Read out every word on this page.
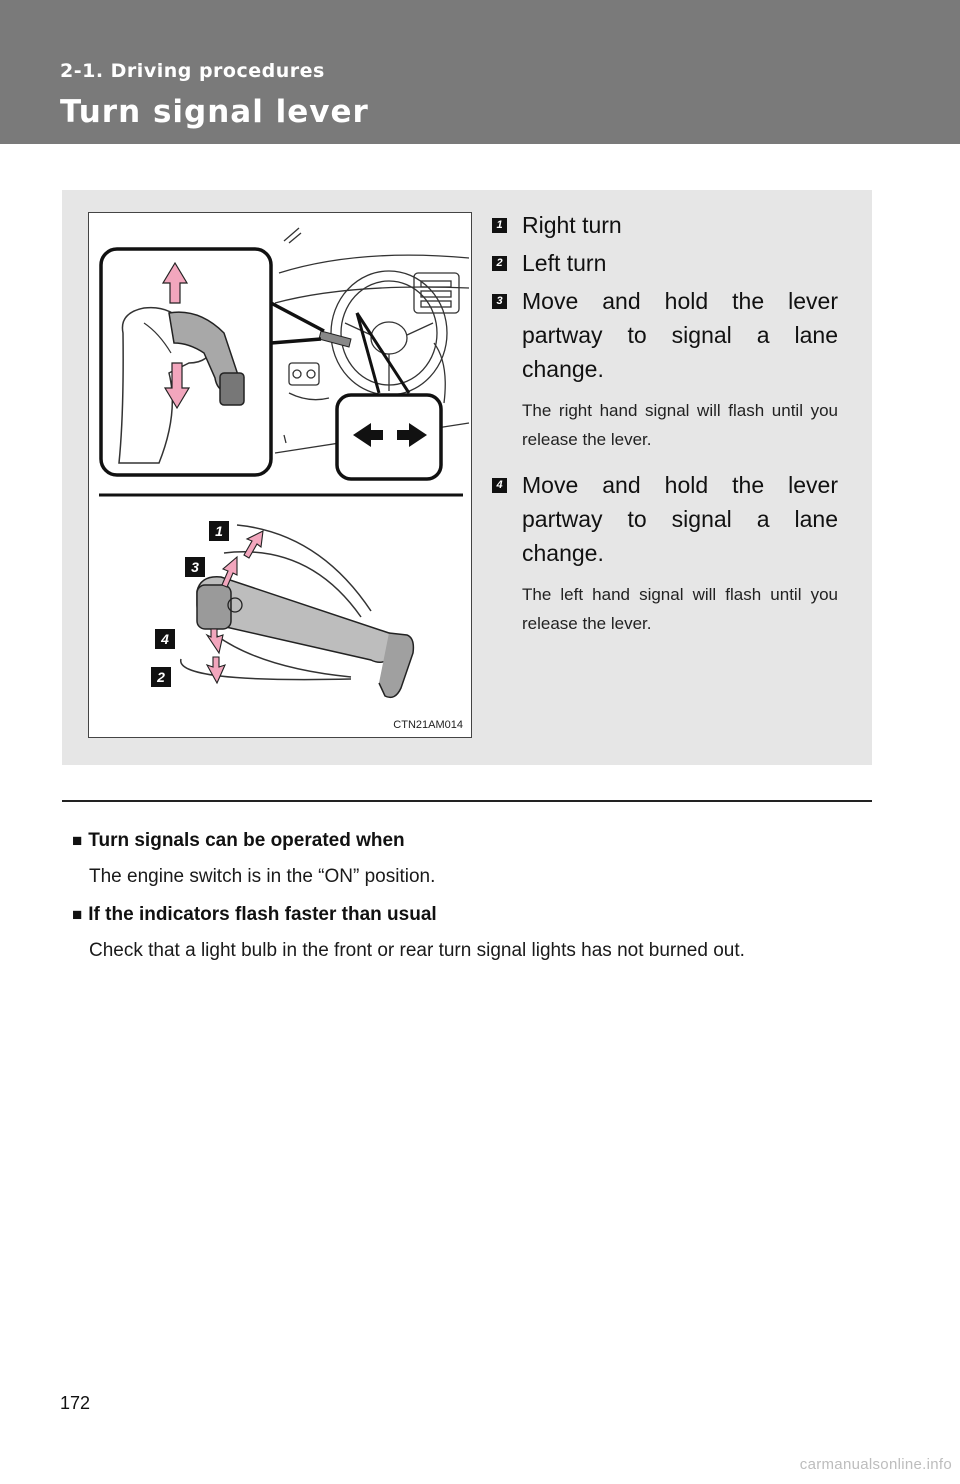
2-1. Driving procedures
Turn signal lever
1
3
4
2
CTN21AM014
1 Right turn
2 Left turn
3 Move and hold the lever partway to signal a lane change.
The right hand signal will flash until you release the lever.
4 Move and hold the lever partway to signal a lane change.
The left hand signal will flash until you release the lever.
■ Turn signals can be operated when
The engine switch is in the “ON” position.
■ If the indicators flash faster than usual
Check that a light bulb in the front or rear turn signal lights has not burned out.
172
carmanualsonline.info
